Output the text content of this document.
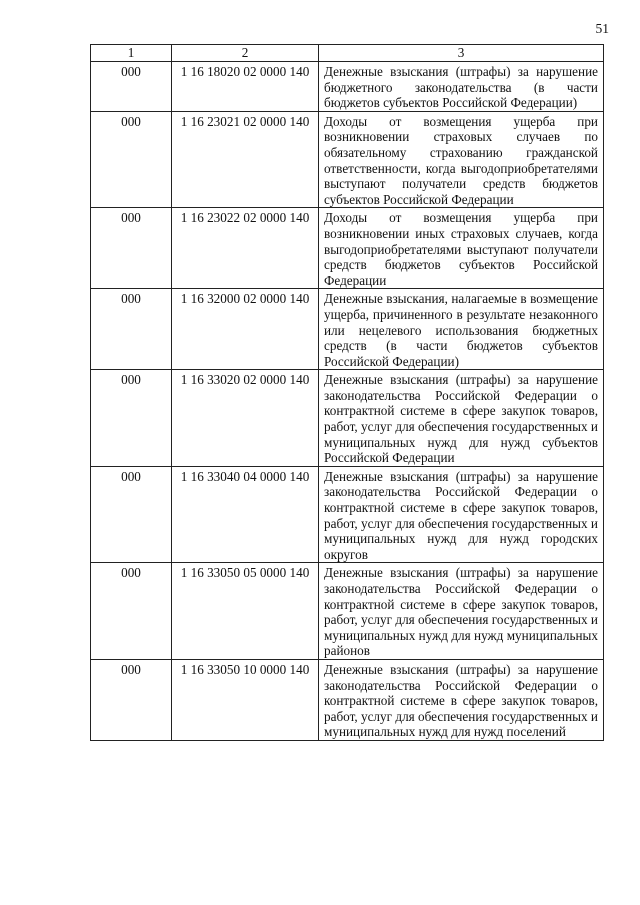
51
1	2	3
000	1 16 18020 02 0000 140	Денежные взыскания (штрафы) за нарушение бюджетного законодательства (в части бюджетов субъектов Российской Федерации)
000	1 16 23021 02 0000 140	Доходы от возмещения ущерба при возникновении страховых случаев по обязательному страхованию гражданской ответственности, когда выгодоприобретателями выступают получатели средств бюджетов субъектов Российской Федерации
000	1 16 23022 02 0000 140	Доходы от возмещения ущерба при возникновении иных страховых случаев, когда выгодоприобретателями выступают получатели средств бюджетов субъектов Российской Федерации
000	1 16 32000 02 0000 140	Денежные взыскания, налагаемые в возмещение ущерба, причиненного в результате незаконного или нецелевого использования бюджетных средств (в части бюджетов субъектов Российской Федерации)
000	1 16 33020 02 0000 140	Денежные взыскания (штрафы) за нарушение законодательства Российской Федерации о контрактной системе в сфере закупок товаров, работ, услуг для обеспечения государственных и муниципальных нужд для нужд субъектов Российской Федерации
000	1 16 33040 04 0000 140	Денежные взыскания (штрафы) за нарушение законодательства Российской Федерации о контрактной системе в сфере закупок товаров, работ, услуг для обеспечения государственных и муниципальных нужд для нужд городских округов
000	1 16 33050 05 0000 140	Денежные взыскания (штрафы) за нарушение законодательства Российской Федерации о контрактной системе в сфере закупок товаров, работ, услуг для обеспечения государственных и муниципальных нужд для нужд муниципальных районов
000	1 16 33050 10 0000 140	Денежные взыскания (штрафы) за нарушение законодательства Российской Федерации о контрактной системе в сфере закупок товаров, работ, услуг для обеспечения государственных и муниципальных нужд для нужд поселений
